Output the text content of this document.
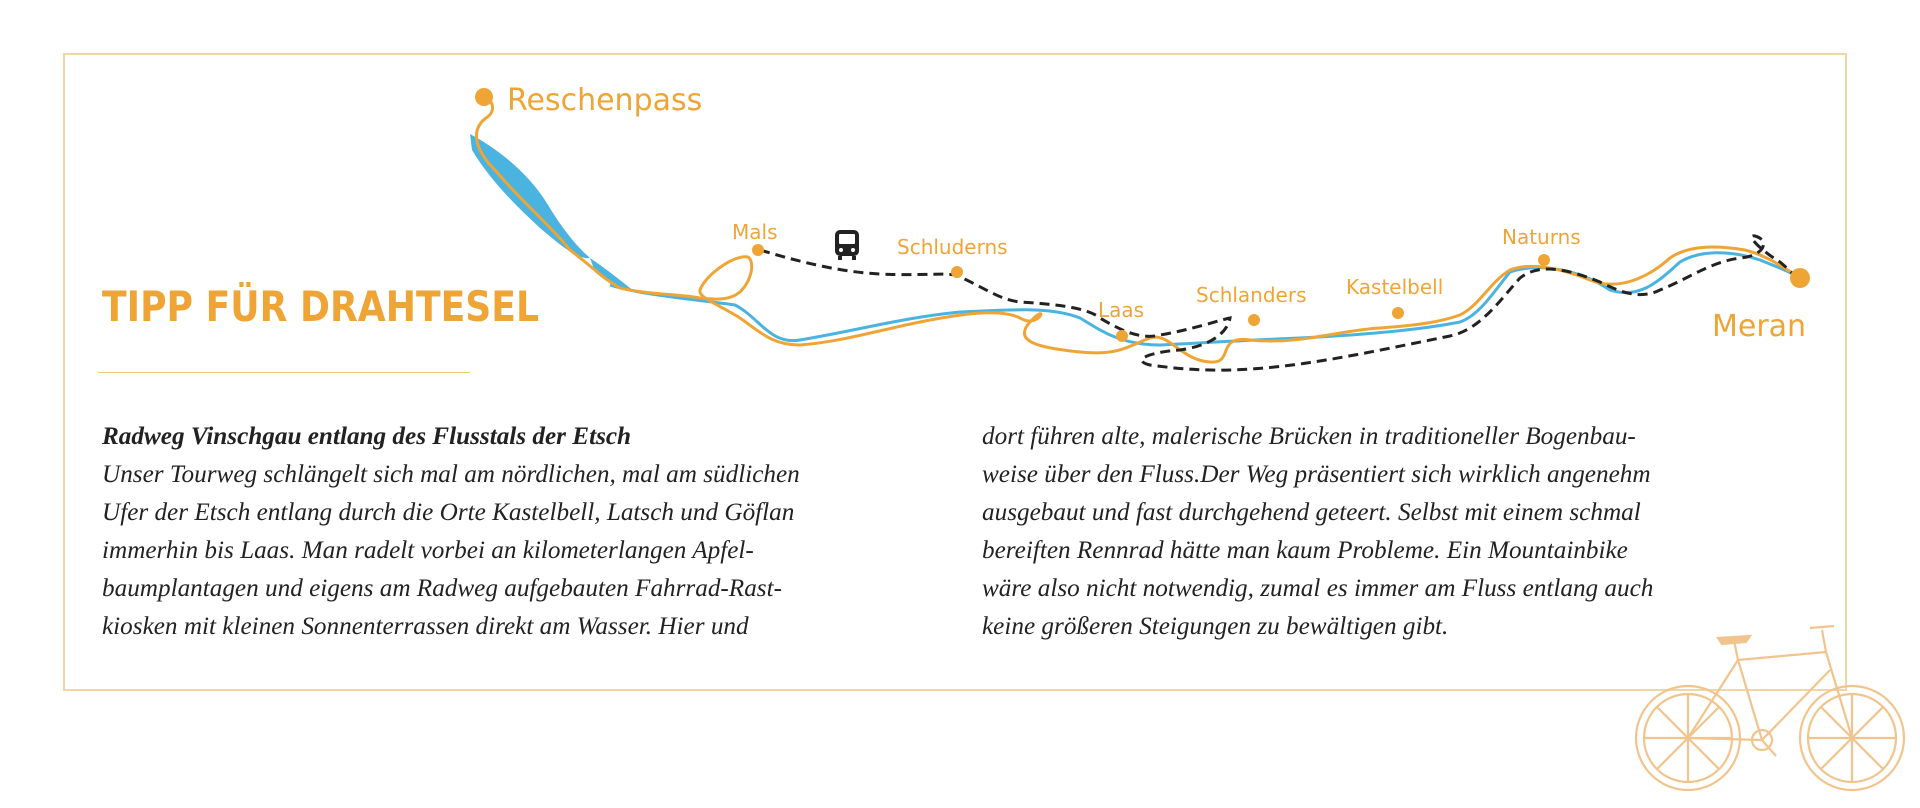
Reschenpass
Mals
Schluderns
Laas
Schlanders Kastelbell
Naturns
Meran
TIPP FÜR DRAHTESEL
Radweg Vinschgau entlang des Flusstals der Etsch
Unser Tourweg schlängelt sich mal am nördlichen, mal am südlichen
Ufer der Etsch entlang durch die Orte Kastelbell, Latsch und Göflan
immerhin bis Laas. Man radelt vorbei an kilometerlangen Apfel-
baumplantagen und eigens am Radweg aufgebauten Fahrrad-Rast-
kiosken mit kleinen Sonnenterrassen direkt am Wasser. Hier und
dort führen alte, malerische Brücken in traditioneller Bogenbau-
weise über den Fluss.Der Weg präsentiert sich wirklich angenehm
ausgebaut und fast durchgehend geteert. Selbst mit einem schmal
bereiften Rennrad hätte man kaum Probleme. Ein Mountainbike
wäre also nicht notwendig, zumal es immer am Fluss entlang auch
keine größeren Steigungen zu bewältigen gibt.
